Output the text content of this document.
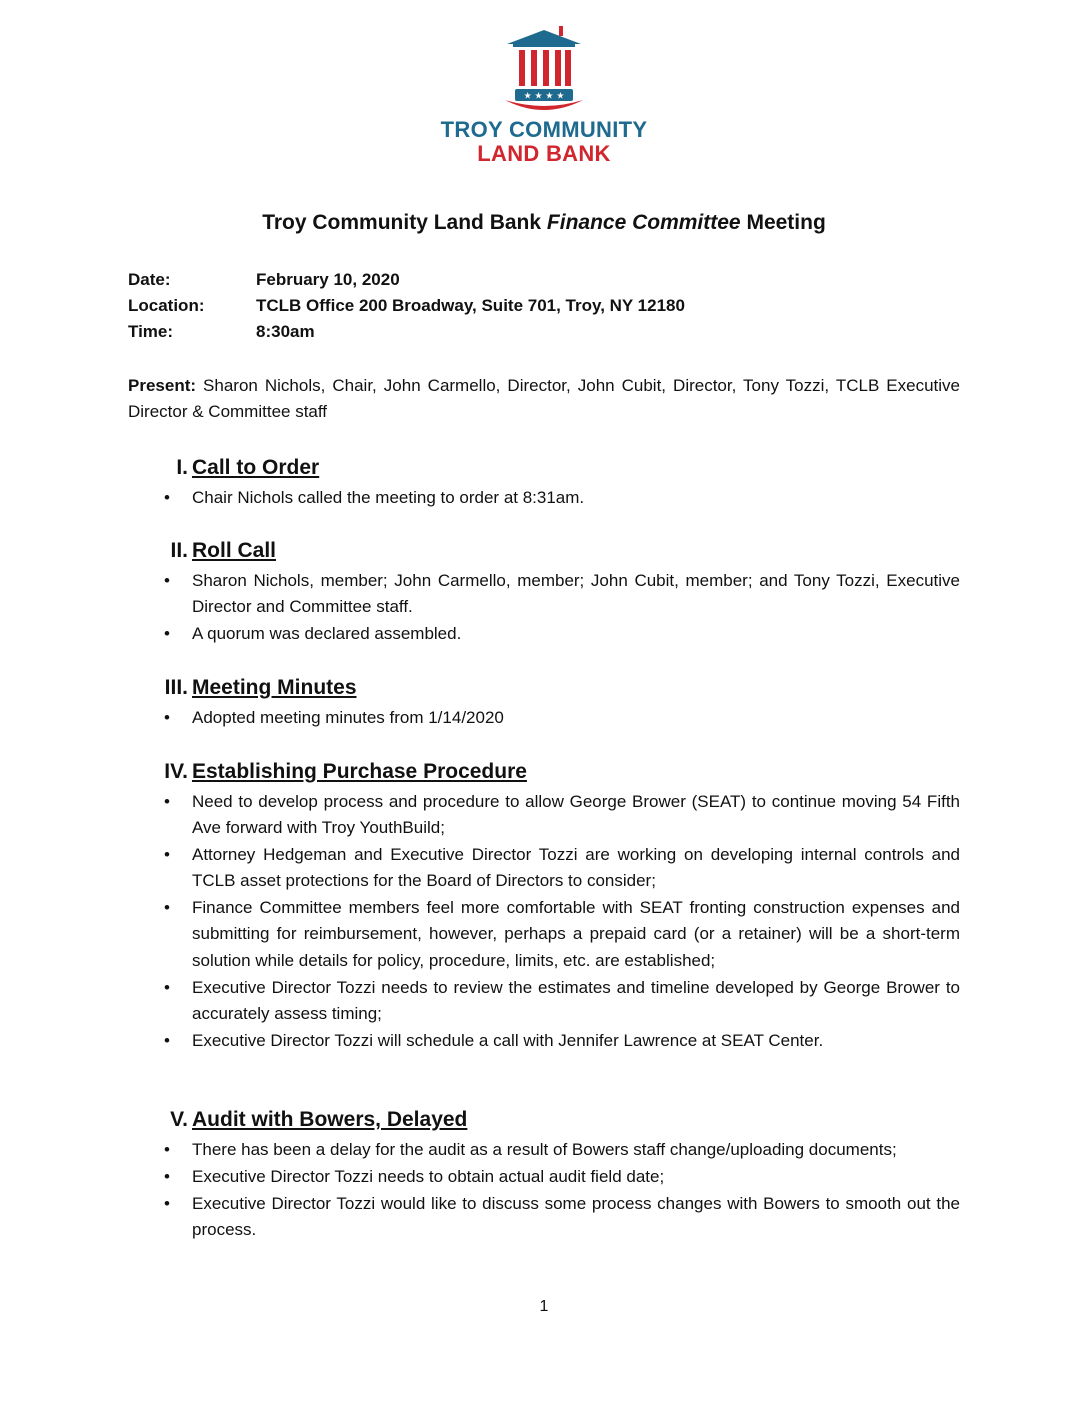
★ ★ ★ ★
TROY COMMUNITY
LAND BANK
Troy Community Land Bank Finance Committee Meeting
Date:	February 10, 2020
Location:	TCLB Office 200 Broadway, Suite 701, Troy, NY 12180
Time:	8:30am
Present: Sharon Nichols, Chair, John Carmello, Director, John Cubit, Director, Tony Tozzi, TCLB Executive Director & Committee staff
I. Call to Order
• Chair Nichols called the meeting to order at 8:31am.
II. Roll Call
• Sharon Nichols, member; John Carmello, member; John Cubit, member; and Tony Tozzi, Executive Director and Committee staff.
• A quorum was declared assembled.
III. Meeting Minutes
• Adopted meeting minutes from 1/14/2020
IV. Establishing Purchase Procedure
• Need to develop process and procedure to allow George Brower (SEAT) to continue moving 54 Fifth Ave forward with Troy YouthBuild;
• Attorney Hedgeman and Executive Director Tozzi are working on developing internal controls and TCLB asset protections for the Board of Directors to consider;
• Finance Committee members feel more comfortable with SEAT fronting construction expenses and submitting for reimbursement, however, perhaps a prepaid card (or a retainer) will be a short-term solution while details for policy, procedure, limits, etc. are established;
• Executive Director Tozzi needs to review the estimates and timeline developed by George Brower to accurately assess timing;
• Executive Director Tozzi will schedule a call with Jennifer Lawrence at SEAT Center.
V. Audit with Bowers, Delayed
• There has been a delay for the audit as a result of Bowers staff change/uploading documents;
• Executive Director Tozzi needs to obtain actual audit field date;
• Executive Director Tozzi would like to discuss some process changes with Bowers to smooth out the process.
1
